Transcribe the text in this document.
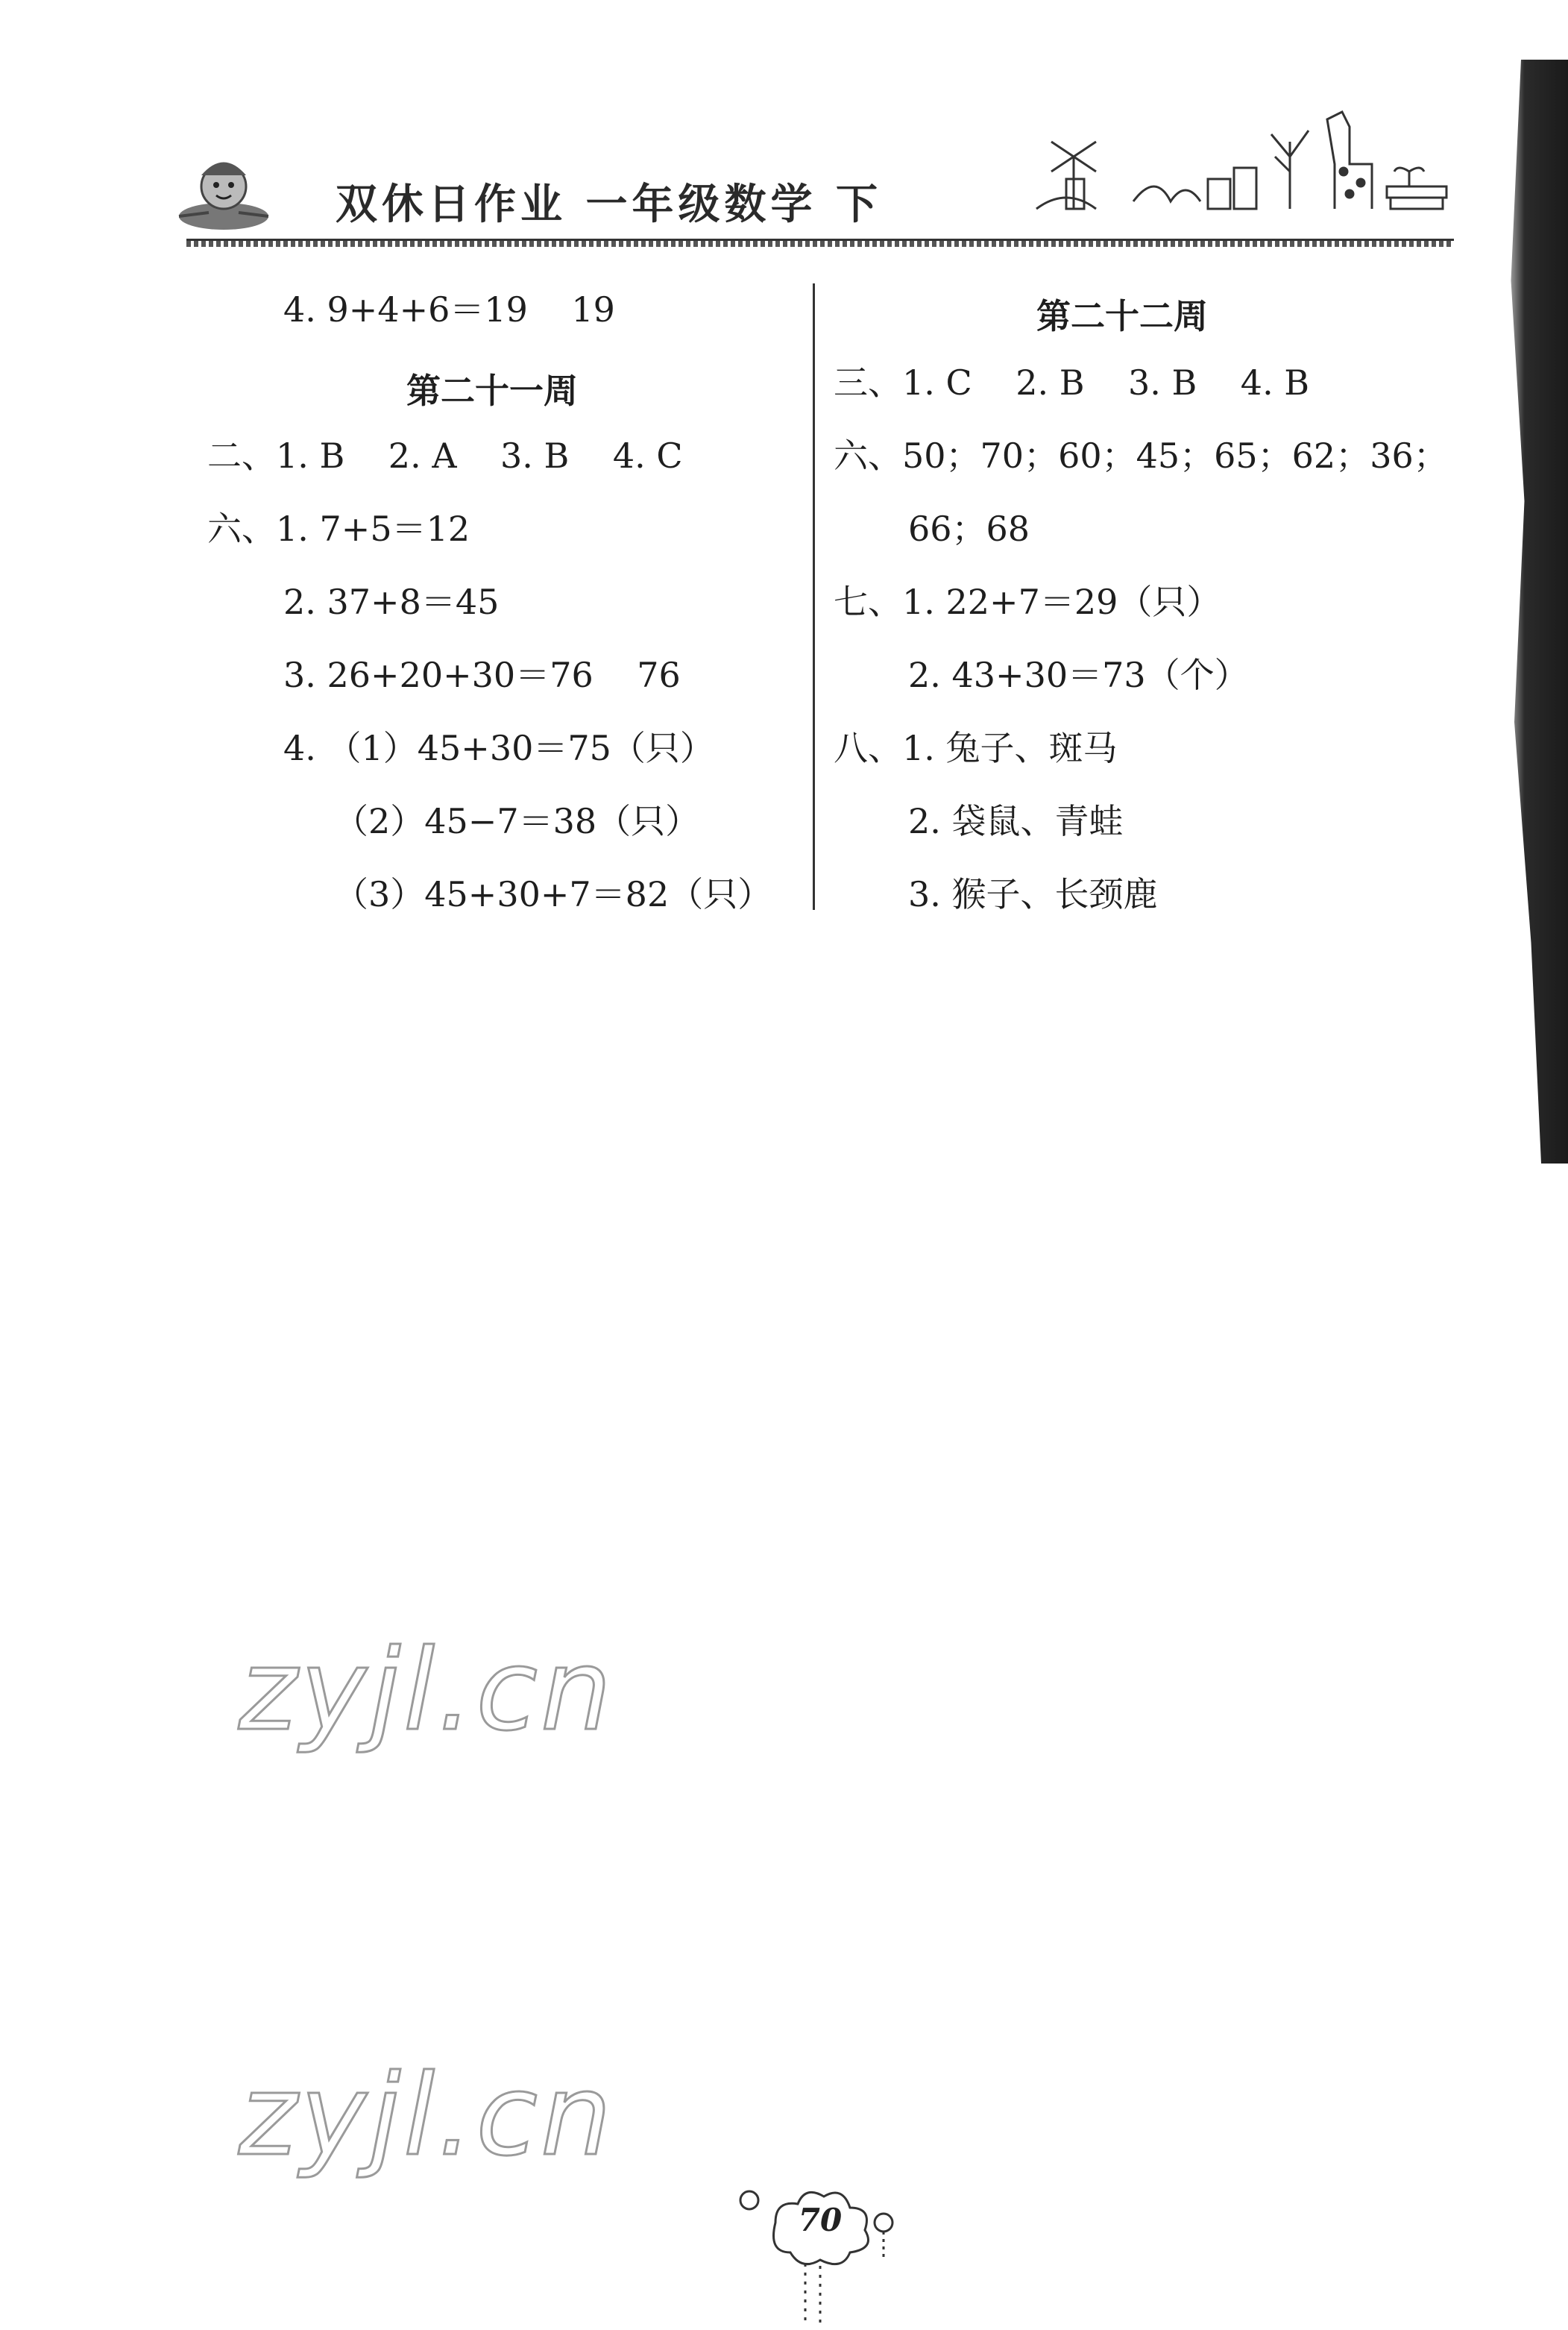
双休日作业 一年级数学 下
4. 9+4+6＝19    19
第二十一周
二、1. B    2. A    3. B    4. C
六、1. 7+5＝12
2. 37+8＝45
3. 26+20+30＝76    76
4. （1）45+30＝75（只）
（2）45−7＝38（只）
（3）45+30+7＝82（只）
第二十二周
三、1. C    2. B    3. B    4. B
六、50；70；60；45；65；62；36；
66；68
七、1. 22+7＝29（只）
2. 43+30＝73（个）
八、1. 兔子、斑马
2. 袋鼠、青蛙
3. 猴子、长颈鹿
zyjl.cn
zyjl.cn
70
